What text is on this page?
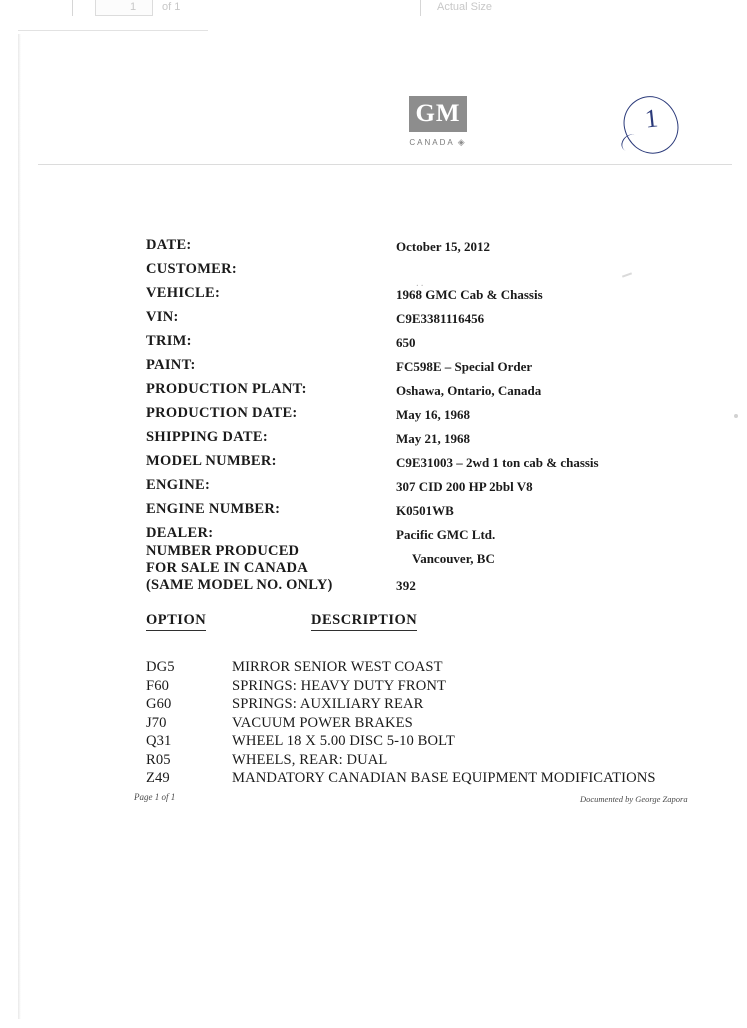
1 of 1	Actual Size
GM
CANADA ◈
1
..
DATE:	October 15, 2012
CUSTOMER:
VEHICLE:	1968 GMC Cab & Chassis
VIN:	C9E3381116456
TRIM:	650
PAINT:	FC598E – Special Order
PRODUCTION PLANT:	Oshawa, Ontario, Canada
PRODUCTION DATE:	May 16, 1968
SHIPPING DATE:	May 21, 1968
MODEL NUMBER:	C9E31003 – 2wd 1 ton cab & chassis
ENGINE:	307 CID 200 HP 2bbl V8
ENGINE NUMBER:	K0501WB
DEALER:	Pacific GMC Ltd.
Vancouver, BC
NUMBER PRODUCED
FOR SALE IN CANADA
(SAME MODEL NO. ONLY)	392
OPTION	DESCRIPTION
DG5	MIRROR SENIOR WEST COAST
F60	SPRINGS: HEAVY DUTY FRONT
G60	SPRINGS: AUXILIARY REAR
J70	VACUUM POWER BRAKES
Q31	WHEEL 18 X 5.00 DISC 5-10 BOLT
R05	WHEELS, REAR: DUAL
Z49	MANDATORY CANADIAN BASE EQUIPMENT MODIFICATIONS
Page 1 of 1	Documented by George Zapora
